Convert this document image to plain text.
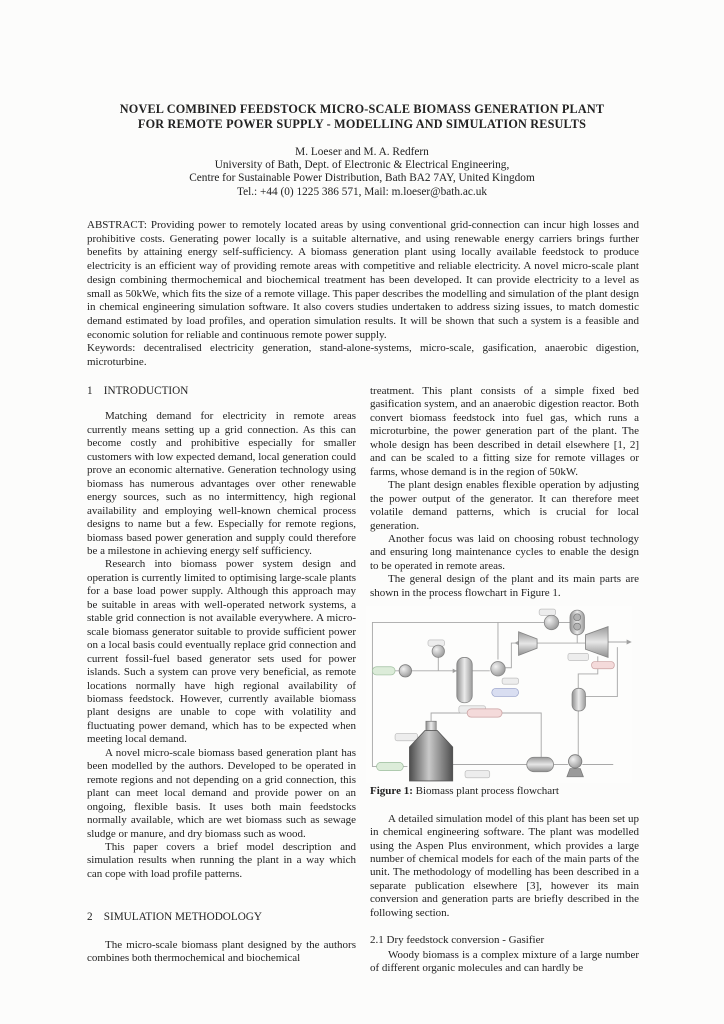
NOVEL COMBINED FEEDSTOCK MICRO-SCALE BIOMASS GENERATION PLANT
FOR REMOTE POWER SUPPLY - MODELLING AND SIMULATION RESULTS
M. Loeser and M. A. Redfern
University of Bath, Dept. of Electronic & Electrical Engineering,
Centre for Sustainable Power Distribution, Bath BA2 7AY, United Kingdom
Tel.: +44 (0) 1225 386 571, Mail: m.loeser@bath.ac.uk

ABSTRACT: Providing power to remotely located areas by using conventional grid-connection can incur high losses and prohibitive costs. Generating power locally is a suitable alternative, and using renewable energy carriers brings further benefits by attaining energy self-sufficiency. A biomass generation plant using locally available feedstock to produce electricity is an efficient way of providing remote areas with competitive and reliable electricity. A novel micro-scale plant design combining thermochemical and biochemical treatment has been developed. It can provide electricity to a level as small as 50kWe, which fits the size of a remote village. This paper describes the modelling and simulation of the plant design in chemical engineering simulation software. It also covers studies undertaken to address sizing issues, to match domestic demand estimated by load profiles, and operation simulation results. It will be shown that such a system is a feasible and economic solution for reliable and continuous remote power supply.

Keywords: decentralised electricity generation, stand-alone-systems, micro-scale, gasification, anaerobic digestion, microturbine.

1    INTRODUCTION

Matching demand for electricity in remote areas currently means setting up a grid connection. As this can become costly and prohibitive especially for smaller customers with low expected demand, local generation could prove an economic alternative. Generation technology using biomass has numerous advantages over other renewable energy sources, such as no intermittency, high regional availability and employing well-known chemical process designs to name but a few. Especially for remote regions, biomass based power generation and supply could therefore be a milestone in achieving energy self sufficiency.

Research into biomass power system design and operation is currently limited to optimising large-scale plants for a base load power supply. Although this approach may be suitable in areas with well-operated network systems, a stable grid connection is not available everywhere. A micro-scale biomass generator suitable to provide sufficient power on a local basis could eventually replace grid connection and current fossil-fuel based generator sets used for power islands. Such a system can prove very beneficial, as remote locations normally have high regional availability of biomass feedstock. However, currently available biomass plant designs are unable to cope with volatility and fluctuating power demand, which has to be expected when meeting local demand.

A novel micro-scale biomass based generation plant has been modelled by the authors. Developed to be operated in remote regions and not depending on a grid connection, this plant can meet local demand and provide power on an ongoing, flexible basis. It uses both main feedstocks normally available, which are wet biomass such as sewage sludge or manure, and dry biomass such as wood.

This paper covers a brief model description and simulation results when running the plant in a way which can cope with load profile patterns.

2    SIMULATION METHODOLOGY

The micro-scale biomass plant designed by the authors combines both thermochemical and biochemical

treatment. This plant consists of a simple fixed bed gasification system, and an anaerobic digestion reactor. Both convert biomass feedstock into fuel gas, which runs a microturbine, the power generation part of the plant. The whole design has been described in detail elsewhere [1, 2] and can be scaled to a fitting size for remote villages or farms, whose demand is in the region of 50kW.

The plant design enables flexible operation by adjusting the power output of the generator. It can therefore meet volatile demand patterns, which is crucial for local generation.

Another focus was laid on choosing robust technology and ensuring long maintenance cycles to enable the design to be operated in remote areas.

The general design of the plant and its main parts are shown in the process flowchart in Figure 1.

Figure 1: Biomass plant process flowchart

A detailed simulation model of this plant has been set up in chemical engineering software. The plant was modelled using the Aspen Plus environment, which provides a large number of chemical models for each of the main parts of the unit. The methodology of modelling has been described in a separate publication elsewhere [3], however its main conversion and generation parts are briefly described in the following section.

2.1 Dry feedstock conversion - Gasifier

Woody biomass is a complex mixture of a large number of different organic molecules and can hardly be
